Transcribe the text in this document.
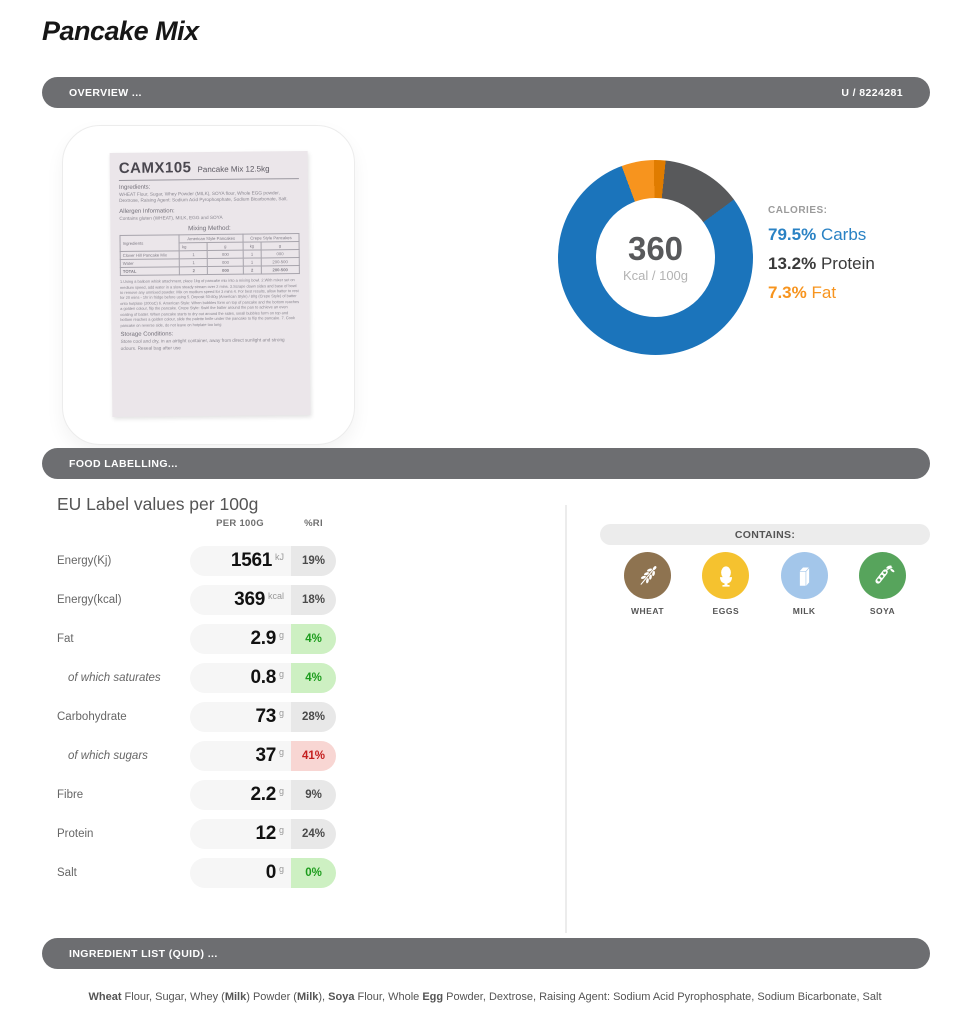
Pancake Mix
OVERVIEW ...	U / 8224281
CAMX105 Pancake Mix 12.5kg
Ingredients:
WHEAT Flour, Sugar, Whey Powder (MILK), SOYA flour, Whole EGG powder, Dextrose, Raising Agent: Sodium Acid Pyrophosphate, Sodium Bicarbonate, Salt.
Allergen Information:
Contains gluten (WHEAT), MILK, EGG and SOYA
Mixing Method:
Ingredients	American Style Pancakes		Crepe Style Pancakes	
	kg	g	kg	g
Clover Hill Pancake Mix	1	000	1	000
Water	1	000	1	200-500
TOTAL	2	000	2	200-500
1.Using a balloon whisk attachment, place 1kg of pancake mix into a mixing bowl. 2.With mixer set on medium speed, add water in a slow steady stream over 2 mins. 3.Scrape down sides and base of bowl to remove any unmixed powder. Mix on medium speed for 3 mins 4. For best results, allow batter to rest for 20 mins - 1hr in fridge before using 5. Deposit 50-80g (American Style) / 80g (Crepe Style) of batter onto hotplate (200oC) 6. American Style: When bubbles form on top of pancake and the bottom reaches a golden colour, flip the pancake. Crepe Style: Swirl the batter around the pan to achieve an even coating of batter. When pancake starts to dry out around the sides, small bubbles form on top and bottom reaches a golden colour, slide the palette knife under the pancake to flip the pancake. 7. Cook pancake on reverse side, do not leave on hotplate too long
Storage Conditions:
Store cool and dry, in an airtight container, away from direct sunlight and strong odours. Reseal bag after use
360
Kcal / 100g
CALORIES:
79.5% Carbs
13.2% Protein
7.3% Fat
FOOD LABELLING...
EU Label values per 100g
PER 100G	%RI
Energy(Kj)	1561 kJ	19%
Energy(kcal)	369 kcal	18%
Fat	2.9 g	4%
of which saturates	0.8 g	4%
Carbohydrate	73 g	28%
of which sugars	37 g	41%
Fibre	2.2 g	9%
Protein	12 g	24%
Salt	0 g	0%
CONTAINS:
WHEAT	EGGS	MILK	SOYA
INGREDIENT LIST (QUID) ...

Wheat Flour, Sugar, Whey (Milk) Powder (Milk), Soya Flour, Whole Egg Powder, Dextrose, Raising Agent: Sodium Acid Pyrophosphate, Sodium Bicarbonate, Salt
